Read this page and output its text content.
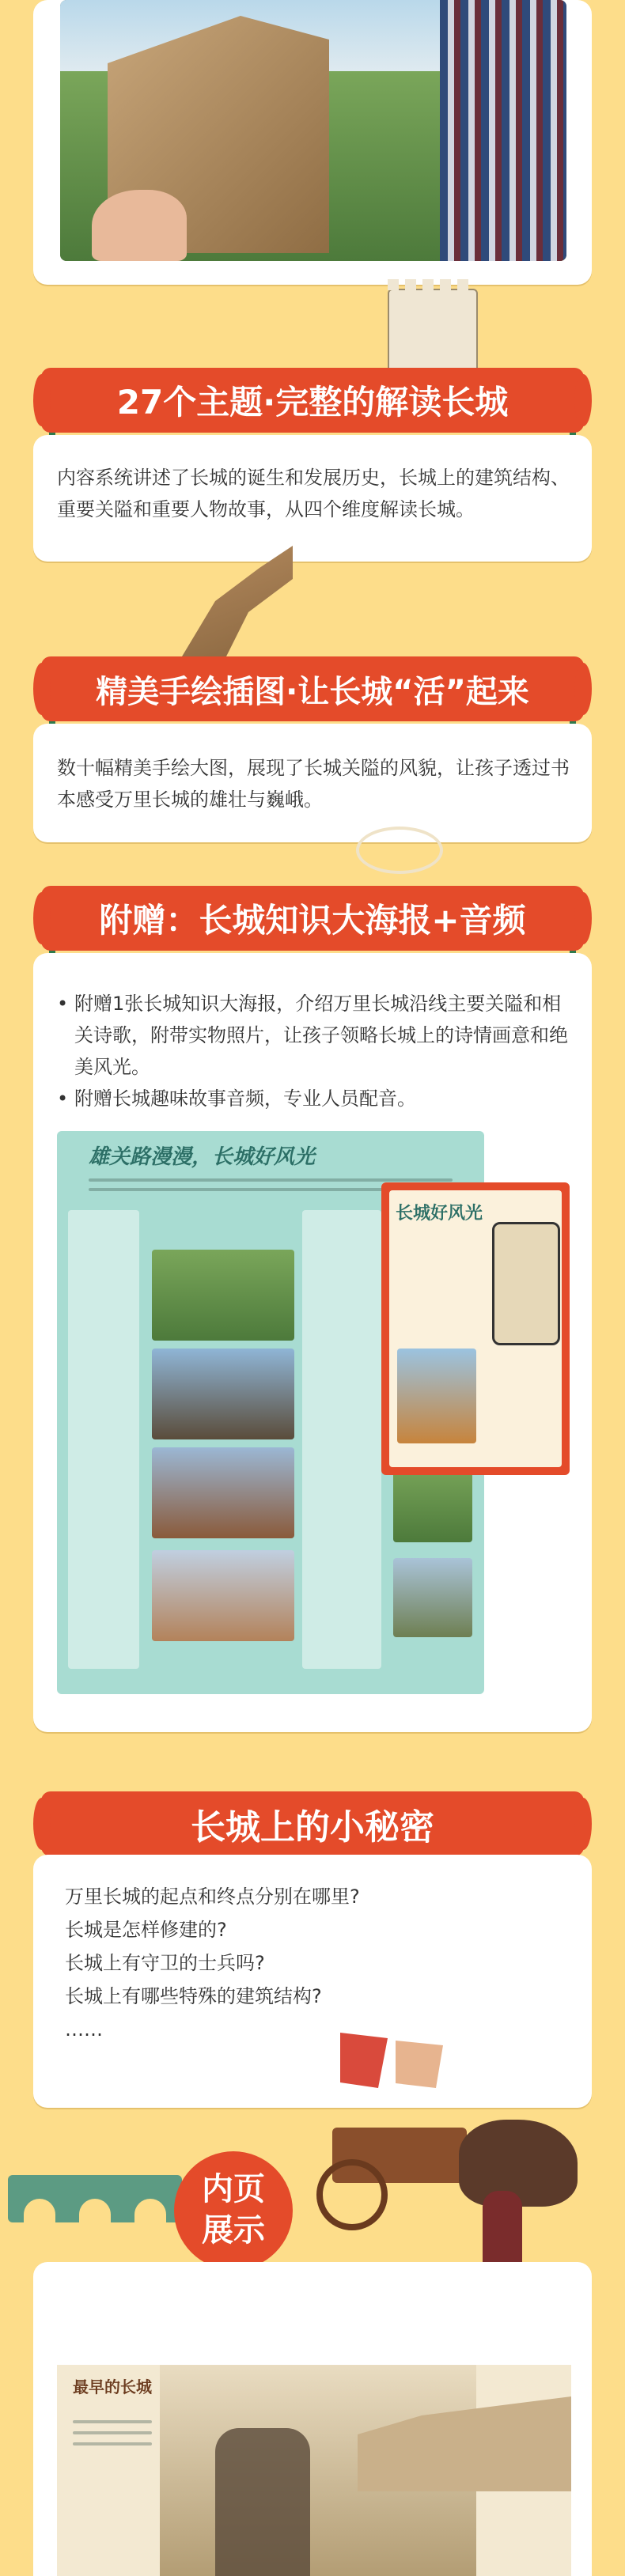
27个主题·完整的解读长城
内容系统讲述了长城的诞生和发展历史，长城上的建筑结构、重要关隘和重要人物故事，从四个维度解读长城。
精美手绘插图·让长城“活”起来
数十幅精美手绘大图，展现了长城关隘的风貌，让孩子透过书本感受万里长城的雄壮与巍峨。
附赠：长城知识大海报+音频
• 附赠1张长城知识大海报，介绍万里长城沿线主要关隘和相关诗歌，附带实物照片，让孩子领略长城上的诗情画意和绝美风光。
• 附赠长城趣味故事音频，专业人员配音。
雄关路漫漫，长城好风光
长城好风光
长城上的小秘密
万里长城的起点和终点分别在哪里?
长城是怎样修建的?
长城上有守卫的士兵吗?
长城上有哪些特殊的建筑结构?
……
内页
展示
最早的长城
